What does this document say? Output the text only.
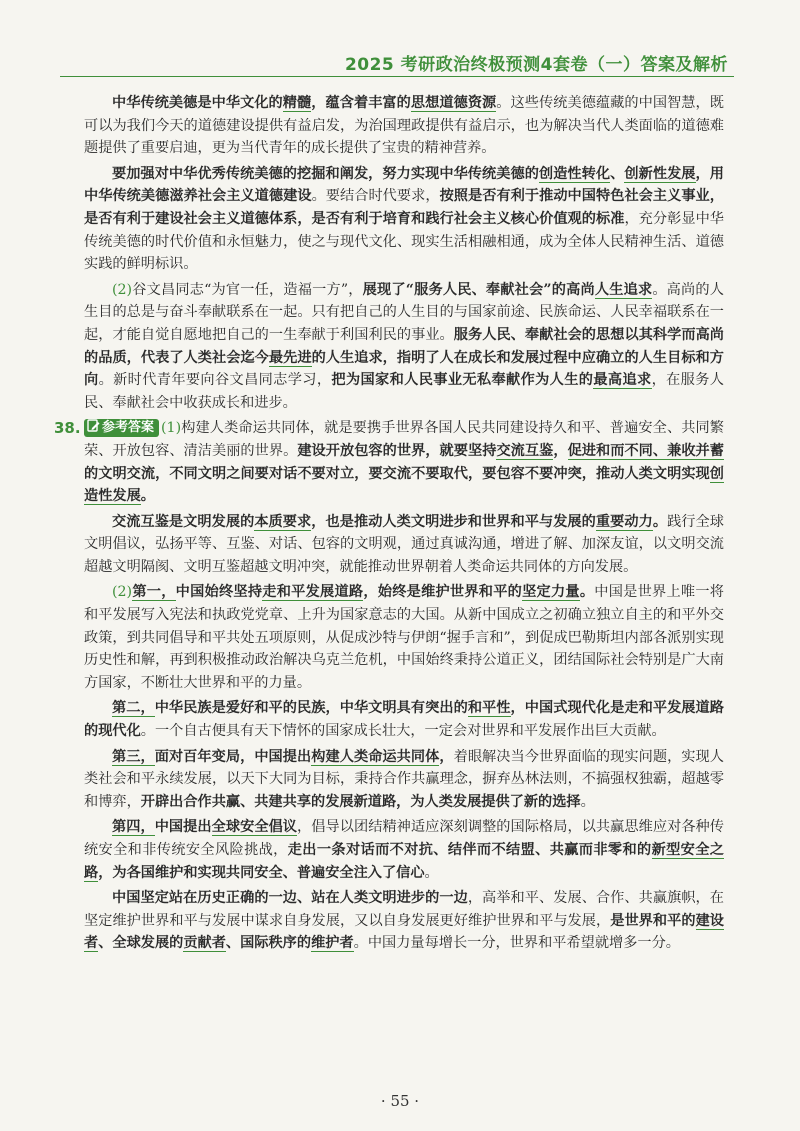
2025 考研政治终极预测4套卷（一）答案及解析

中华传统美德是中华文化的精髓，蕴含着丰富的思想道德资源。这些传统美德蕴藏的中国智慧，既可以为我们今天的道德建设提供有益启发，为治国理政提供有益启示，也为解决当代人类面临的道德难题提供了重要启迪，更为当代青年的成长提供了宝贵的精神营养。

要加强对中华优秀传统美德的挖掘和阐发，努力实现中华传统美德的创造性转化、创新性发展，用中华传统美德滋养社会主义道德建设。要结合时代要求，按照是否有利于推动中国特色社会主义事业，是否有利于建设社会主义道德体系，是否有利于培育和践行社会主义核心价值观的标准，充分彰显中华传统美德的时代价值和永恒魅力，使之与现代文化、现实生活相融相通，成为全体人民精神生活、道德实践的鲜明标识。

(2)谷文昌同志“为官一任，造福一方”，展现了“服务人民、奉献社会”的高尚人生追求。高尚的人生目的总是与奋斗奉献联系在一起。只有把自己的人生目的与国家前途、民族命运、人民幸福联系在一起，才能自觉自愿地把自己的一生奉献于利国利民的事业。服务人民、奉献社会的思想以其科学而高尚的品质，代表了人类社会迄今最先进的人生追求，指明了人在成长和发展过程中应确立的人生目标和方向。新时代青年要向谷文昌同志学习，把为国家和人民事业无私奉献作为人生的最高追求，在服务人民、奉献社会中收获成长和进步。

38. 参考答案 (1)构建人类命运共同体，就是要携手世界各国人民共同建设持久和平、普遍安全、共同繁荣、开放包容、清洁美丽的世界。建设开放包容的世界，就要坚持交流互鉴，促进和而不同、兼收并蓄的文明交流，不同文明之间要对话不要对立，要交流不要取代，要包容不要冲突，推动人类文明实现创造性发展。

交流互鉴是文明发展的本质要求，也是推动人类文明进步和世界和平与发展的重要动力。践行全球文明倡议，弘扬平等、互鉴、对话、包容的文明观，通过真诚沟通，增进了解、加深友谊，以文明交流超越文明隔阂、文明互鉴超越文明冲突，就能推动世界朝着人类命运共同体的方向发展。

(2)第一，中国始终坚持走和平发展道路，始终是维护世界和平的坚定力量。中国是世界上唯一将和平发展写入宪法和执政党党章、上升为国家意志的大国。从新中国成立之初确立独立自主的和平外交政策，到共同倡导和平共处五项原则，从促成沙特与伊朗“握手言和”，到促成巴勒斯坦内部各派别实现历史性和解，再到积极推动政治解决乌克兰危机，中国始终秉持公道正义，团结国际社会特别是广大南方国家，不断壮大世界和平的力量。

第二，中华民族是爱好和平的民族，中华文明具有突出的和平性，中国式现代化是走和平发展道路的现代化。一个自古便具有天下情怀的国家成长壮大，一定会对世界和平发展作出巨大贡献。

第三，面对百年变局，中国提出构建人类命运共同体，着眼解决当今世界面临的现实问题，实现人类社会和平永续发展，以天下大同为目标，秉持合作共赢理念，摒弃丛林法则，不搞强权独霸，超越零和博弈，开辟出合作共赢、共建共享的发展新道路，为人类发展提供了新的选择。

第四，中国提出全球安全倡议，倡导以团结精神适应深刻调整的国际格局，以共赢思维应对各种传统安全和非传统安全风险挑战，走出一条对话而不对抗、结伴而不结盟、共赢而非零和的新型安全之路，为各国维护和实现共同安全、普遍安全注入了信心。

中国坚定站在历史正确的一边、站在人类文明进步的一边，高举和平、发展、合作、共赢旗帜，在坚定维护世界和平与发展中谋求自身发展，又以自身发展更好维护世界和平与发展，是世界和平的建设者、全球发展的贡献者、国际秩序的维护者。中国力量每增长一分，世界和平希望就增多一分。

· 55 ·
